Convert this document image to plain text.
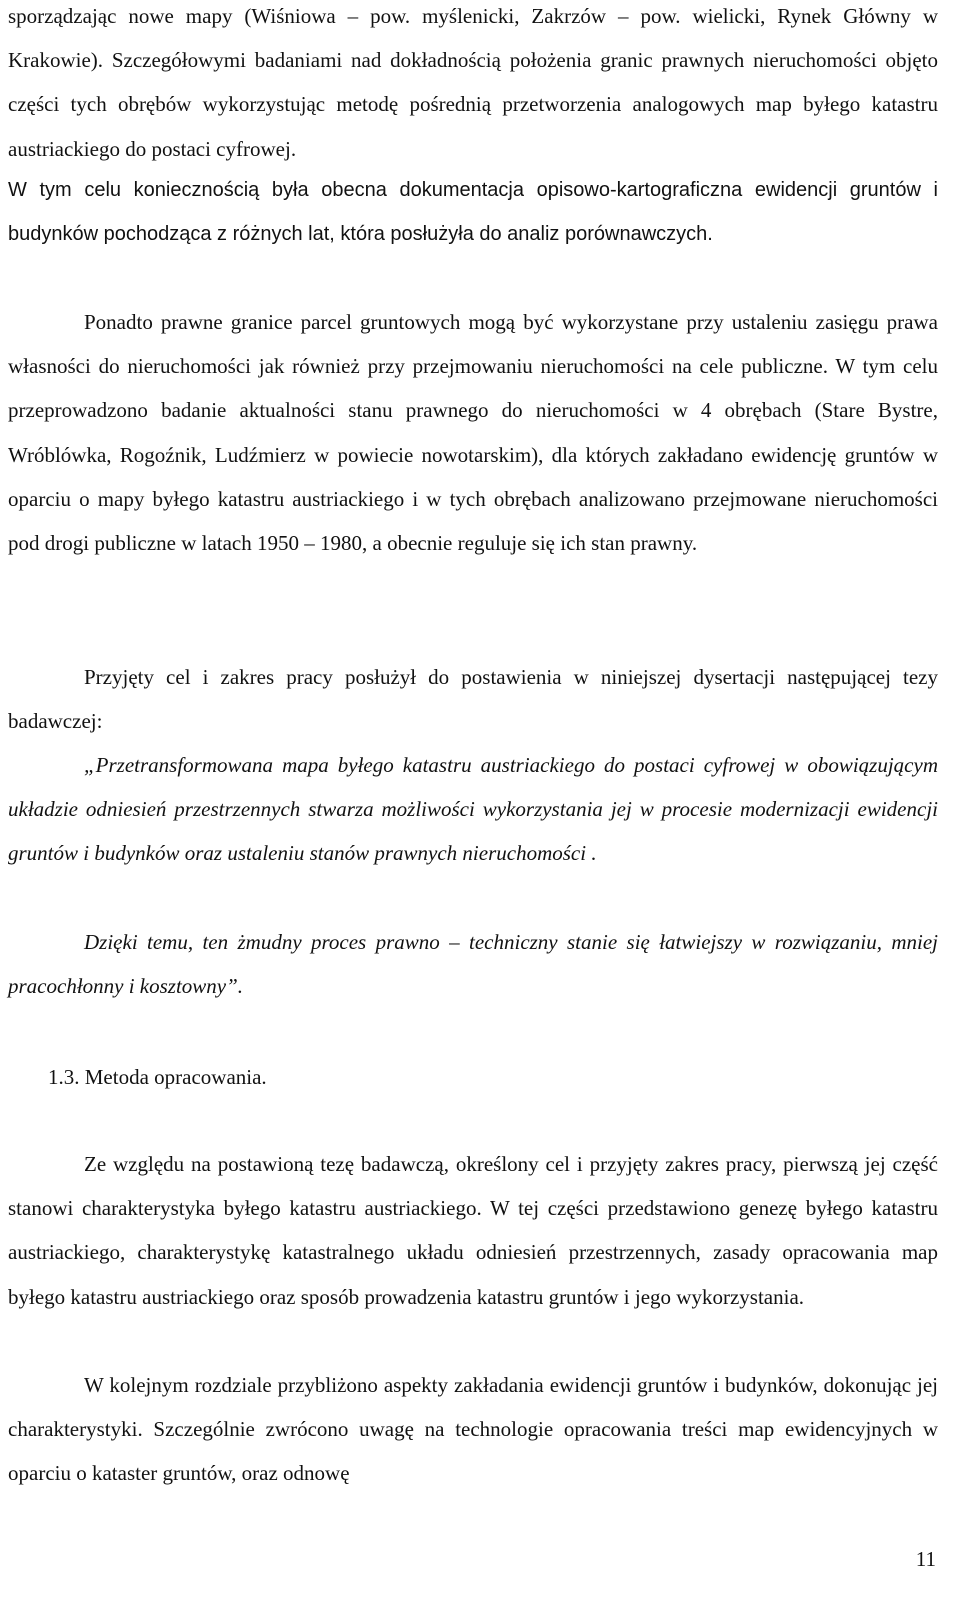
sporządzając nowe mapy (Wiśniowa – pow. myślenicki, Zakrzów – pow. wielicki, Rynek Główny w Krakowie). Szczegółowymi badaniami nad dokładnością położenia granic prawnych nieruchomości objęto części tych obrębów wykorzystując metodę pośrednią przetworzenia analogowych map byłego katastru austriackiego do postaci cyfrowej.

W tym celu koniecznością była obecna dokumentacja opisowo-kartograficzna ewidencji gruntów i budynków pochodząca z różnych lat, która posłużyła do analiz porównawczych.

Ponadto prawne granice parcel gruntowych mogą być wykorzystane przy ustaleniu zasięgu prawa własności do nieruchomości jak również przy przejmowaniu nieruchomości na cele publiczne. W tym celu przeprowadzono badanie aktualności stanu prawnego do nieruchomości w 4 obrębach (Stare Bystre, Wróblówka, Rogoźnik, Ludźmierz w powiecie nowotarskim), dla których zakładano ewidencję gruntów w oparciu o mapy byłego katastru austriackiego i w tych obrębach analizowano przejmowane nieruchomości pod drogi publiczne w latach 1950 – 1980, a obecnie reguluje się ich stan prawny.

Przyjęty cel i zakres pracy posłużył do postawienia w niniejszej dysertacji następującej tezy badawczej:

„Przetransformowana mapa byłego katastru austriackiego do postaci cyfrowej w obowiązującym układzie odniesień przestrzennych stwarza możliwości wykorzystania jej w procesie modernizacji ewidencji gruntów i budynków oraz ustaleniu stanów prawnych nieruchomości .

Dzięki temu, ten żmudny proces prawno – techniczny stanie się łatwiejszy w rozwiązaniu, mniej pracochłonny i kosztowny”.

1.3. Metoda opracowania.

Ze względu na postawioną tezę badawczą, określony cel i przyjęty zakres pracy, pierwszą jej część stanowi charakterystyka byłego katastru austriackiego. W tej części przedstawiono genezę byłego katastru austriackiego, charakterystykę katastralnego układu odniesień przestrzennych, zasady opracowania map byłego katastru austriackiego oraz sposób prowadzenia katastru gruntów i jego wykorzystania.

W kolejnym rozdziale przybliżono aspekty zakładania ewidencji gruntów i budynków, dokonując jej charakterystyki. Szczególnie zwrócono uwagę na technologie opracowania treści map ewidencyjnych w oparciu o kataster gruntów, oraz odnowę

11
